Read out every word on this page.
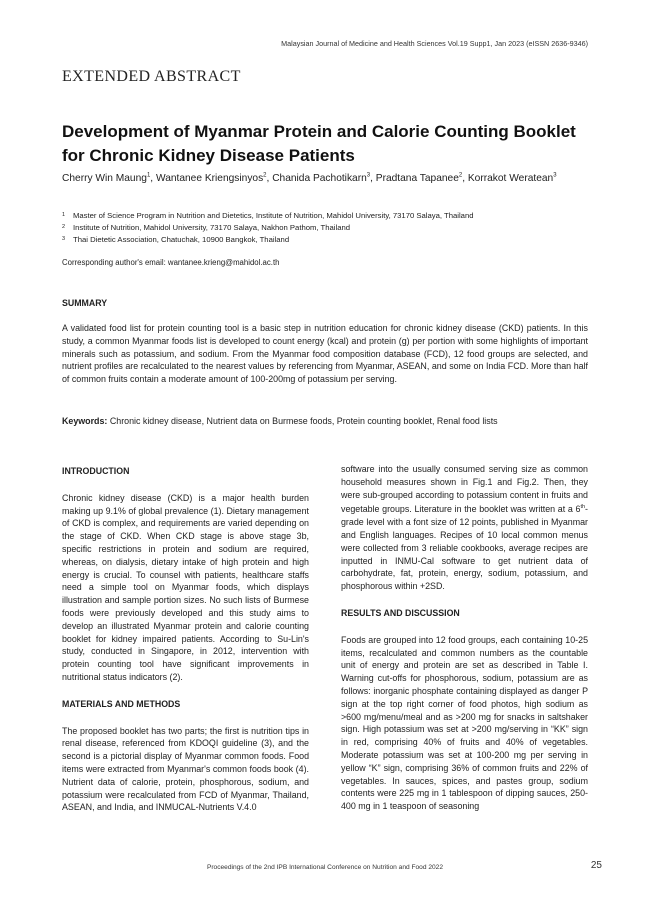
Malaysian Journal of Medicine and Health Sciences Vol.19 Supp1, Jan 2023 (eISSN 2636-9346)
EXTENDED ABSTRACT
Development of Myanmar Protein and Calorie Counting Booklet for Chronic Kidney Disease Patients
Cherry Win Maung$^1$, Wantanee Kriengsinyos$^2$, Chanida Pachotikarn$^3$, Pradtana Tapanee$^2$, Korrakot Weratean$^3$
1 Master of Science Program in Nutrition and Dietetics, Institute of Nutrition, Mahidol University, 73170 Salaya, Thailand
2 Institute of Nutrition, Mahidol University, 73170 Salaya, Nakhon Pathom, Thailand
3 Thai Dietetic Association, Chatuchak, 10900 Bangkok, Thailand
Corresponding author's email: wantanee.krieng@mahidol.ac.th
SUMMARY
A validated food list for protein counting tool is a basic step in nutrition education for chronic kidney disease (CKD) patients. In this study, a common Myanmar foods list is developed to count energy (kcal) and protein (g) per portion with some highlights of important minerals such as potassium, and sodium. From the Myanmar food composition database (FCD), 12 food groups are selected, and nutrient profiles are recalculated to the nearest values by referencing from Myanmar, ASEAN, and some on India FCD. More than half of common fruits contain a moderate amount of 100-200mg of potassium per serving.
Keywords: Chronic kidney disease, Nutrient data on Burmese foods, Protein counting booklet, Renal food lists
INTRODUCTION

Chronic kidney disease (CKD) is a major health burden making up 9.1% of global prevalence (1). Dietary management of CKD is complex, and requirements are varied depending on the stage of CKD. When CKD stage is above stage 3b, specific restrictions in protein and sodium are required, whereas, on dialysis, dietary intake of high protein and high energy is crucial. To counsel with patients, healthcare staffs need a simple tool on Myanmar foods, which displays illustration and sample portion sizes. No such lists of Burmese foods were previously developed and this study aims to develop an illustrated Myanmar protein and calorie counting booklet for kidney impaired patients. According to Su-Lin's study, conducted in Singapore, in 2012, intervention with protein counting tool have significant improvements in nutritional status indicators (2).

MATERIALS AND METHODS

The proposed booklet has two parts; the first is nutrition tips in renal disease, referenced from KDOQI guideline (3), and the second is a pictorial display of Myanmar common foods. Food items were extracted from Myanmar's common foods book (4). Nutrient data of calorie, protein, phosphorous, sodium, and potassium were recalculated from FCD of Myanmar, Thailand, ASEAN, and India, and INMUCAL-Nutrients V.4.0

software into the usually consumed serving size as common household measures shown in Fig.1 and Fig.2. Then, they were sub-grouped according to potassium content in fruits and vegetable groups. Literature in the booklet was written at a 6th-grade level with a font size of 12 points, published in Myanmar and English languages. Recipes of 10 local common menus were collected from 3 reliable cookbooks, average recipes are inputted in INMU-Cal software to get nutrient data of carbohydrate, fat, protein, energy, sodium, potassium, and phosphorous within +2SD.

RESULTS AND DISCUSSION

Foods are grouped into 12 food groups, each containing 10-25 items, recalculated and common numbers as the countable unit of energy and protein are set as described in Table I. Warning cut-offs for phosphorous, sodium, potassium are as follows: inorganic phosphate containing displayed as danger P sign at the top right corner of food photos, high sodium as >600 mg/menu/meal and as >200 mg for snacks in saltshaker sign. High potassium was set at >200 mg/serving in “KK” sign in red, comprising 40% of fruits and 40% of vegetables. Moderate potassium was set at 100-200 mg per serving in yellow “K” sign, comprising 36% of common fruits and 22% of vegetables. In sauces, spices, and pastes group, sodium contents were 225 mg in 1 tablespoon of dipping sauces, 250-400 mg in 1 teaspoon of seasoning

Proceedings of the 2nd IPB International Conference on Nutrition and Food 2022	25
